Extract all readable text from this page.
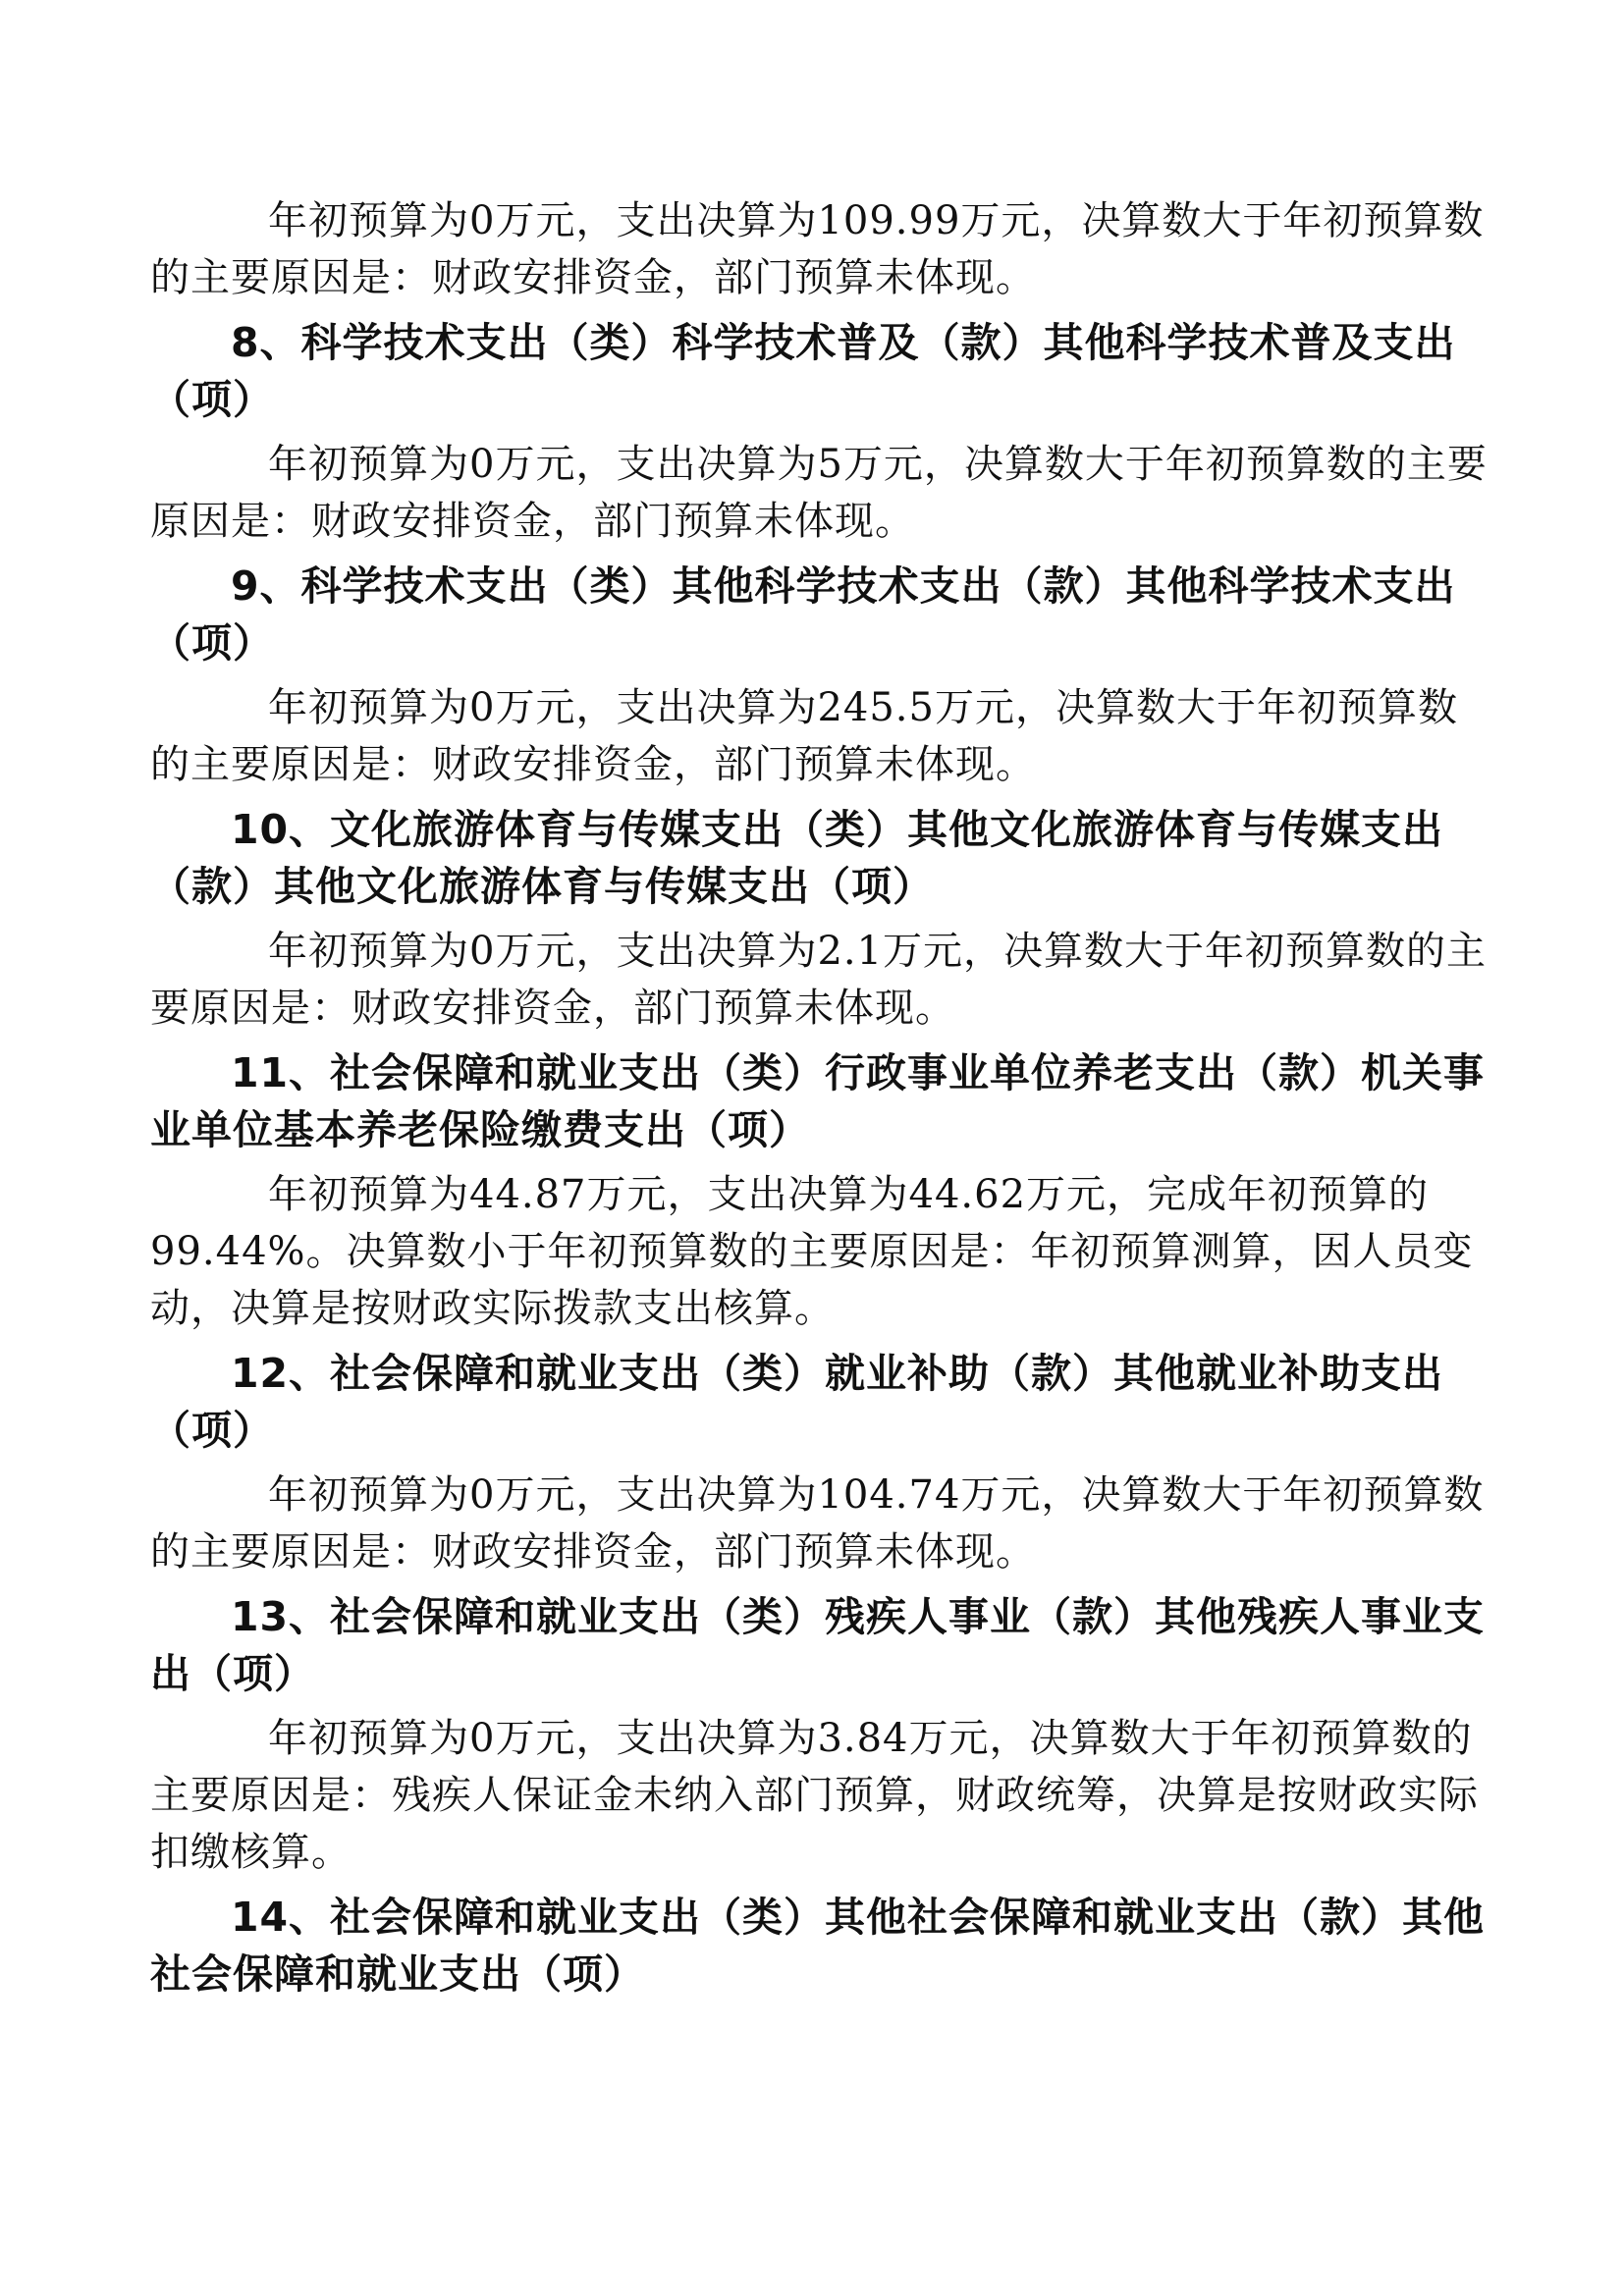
年初预算为0万元，支出决算为109.99万元，决算数大于年初预算数的主要原因是：财政安排资金，部门预算未体现。

8、科学技术支出（类）科学技术普及（款）其他科学技术普及支出（项）

年初预算为0万元，支出决算为5万元，决算数大于年初预算数的主要原因是：财政安排资金，部门预算未体现。

9、科学技术支出（类）其他科学技术支出（款）其他科学技术支出（项）

年初预算为0万元，支出决算为245.5万元，决算数大于年初预算数的主要原因是：财政安排资金，部门预算未体现。

10、文化旅游体育与传媒支出（类）其他文化旅游体育与传媒支出（款）其他文化旅游体育与传媒支出（项）

年初预算为0万元，支出决算为2.1万元，决算数大于年初预算数的主要原因是：财政安排资金，部门预算未体现。

11、社会保障和就业支出（类）行政事业单位养老支出（款）机关事业单位基本养老保险缴费支出（项）

年初预算为44.87万元，支出决算为44.62万元，完成年初预算的99.44%。决算数小于年初预算数的主要原因是：年初预算测算，因人员变动，决算是按财政实际拨款支出核算。

12、社会保障和就业支出（类）就业补助（款）其他就业补助支出（项）

年初预算为0万元，支出决算为104.74万元，决算数大于年初预算数的主要原因是：财政安排资金，部门预算未体现。

13、社会保障和就业支出（类）残疾人事业（款）其他残疾人事业支出（项）

年初预算为0万元，支出决算为3.84万元，决算数大于年初预算数的主要原因是：残疾人保证金未纳入部门预算，财政统筹，决算是按财政实际扣缴核算。

14、社会保障和就业支出（类）其他社会保障和就业支出（款）其他社会保障和就业支出（项）
